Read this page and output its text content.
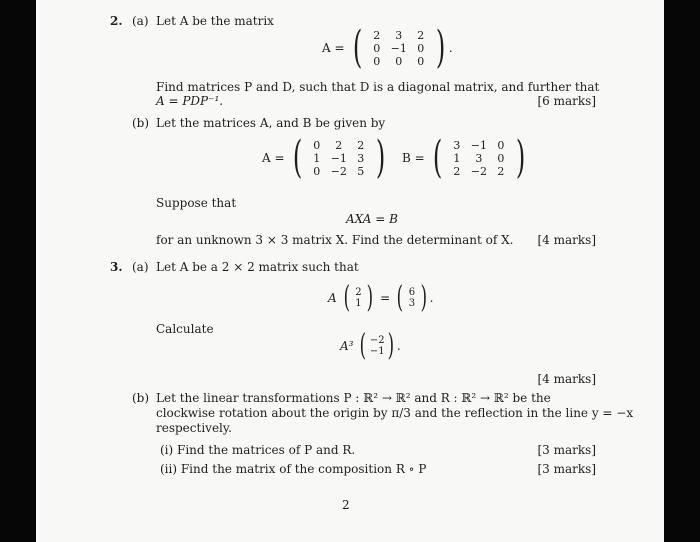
2. (a) Let A be the matrix
A = (	2	3	2
0 −1 0
0	0	0 ) .
Find matrices P and D, such that D is a diagonal matrix, and further that
A = PDP⁻¹.	[6 marks]
(b) Let the matrices A, and B be given by
A = (	0	2	2
1 −1 3
0 −2 5 ) B = (	3 −1 0
1	3	0
2 −2 2 )
Suppose that
AXA = B
for an unknown 3 × 3 matrix X. Find the determinant of X. [4 marks]
3. (a) Let A be a 2 × 2 matrix such that
A ( 2
1 ) = ( 6
3 ) .
Calculate
A³ ( −2
−1 ) .
[4 marks]
(b) Let the linear transformations P : ℝ² → ℝ² and R : ℝ² → ℝ² be the
clockwise rotation about the origin by π/3 and the reflection in the line y = −x
respectively.
(i) Find the matrices of P and R.	[3 marks]
(ii) Find the matrix of the composition R ∘ P	[3 marks]
2
